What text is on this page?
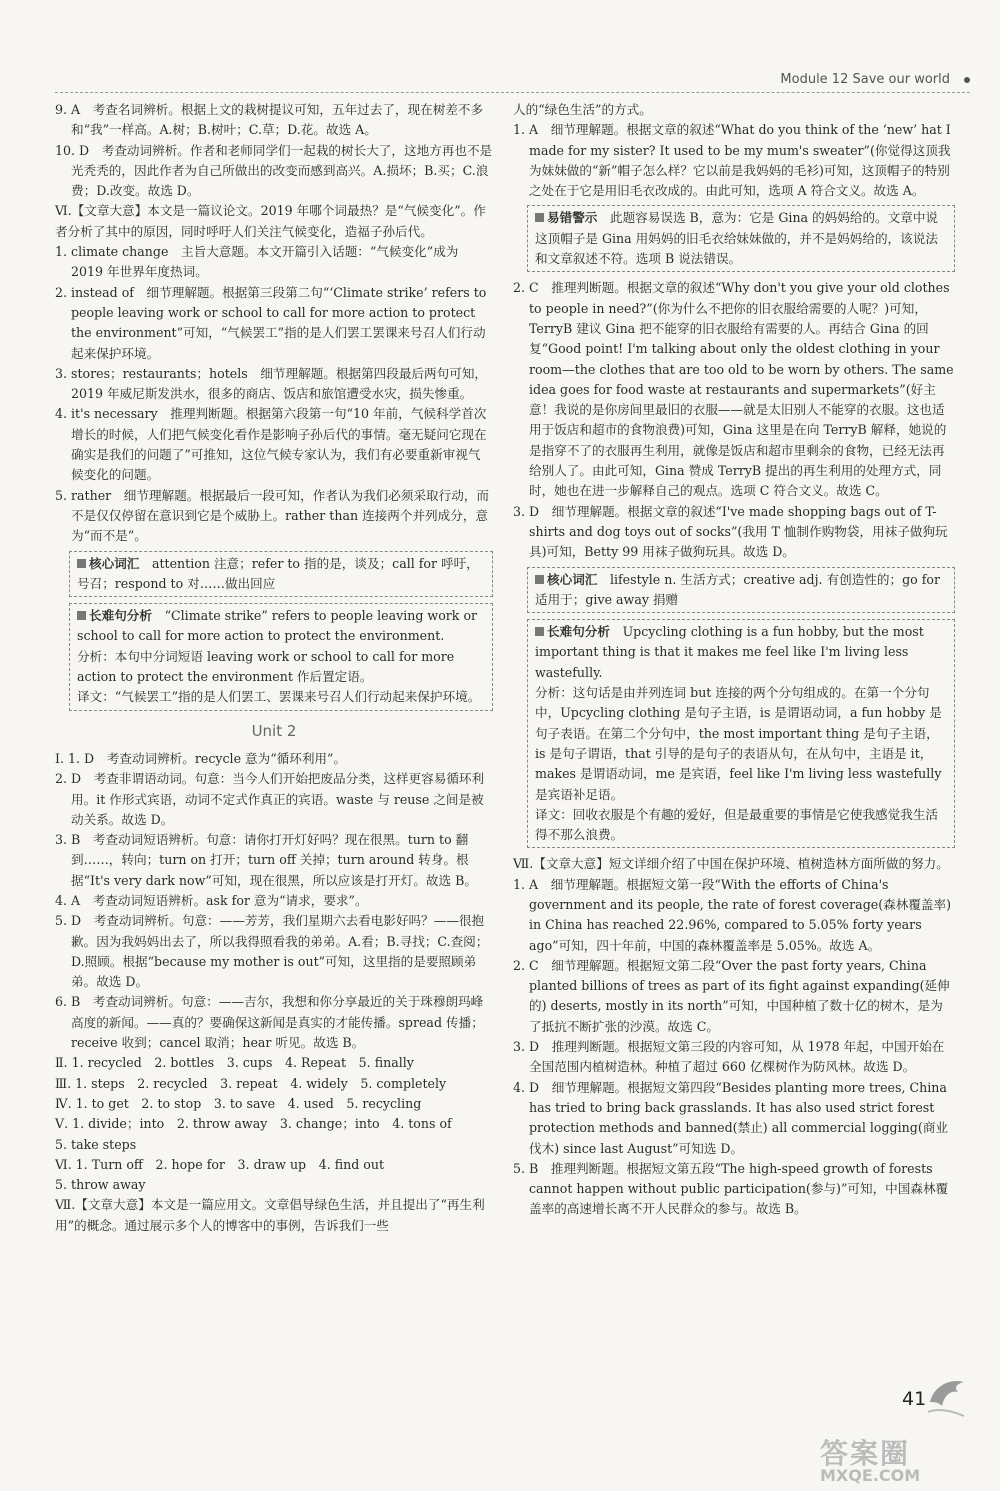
Module 12 Save our world

9. A　考查名词辨析。根据上文的栽树提议可知，五年过去了，现在树差不多和“我”一样高。A.树；B.树叶；C.草；D.花。故选 A。

10. D　考查动词辨析。作者和老师同学们一起栽的树长大了，这地方再也不是光秃秃的，因此作者为自己所做出的改变而感到高兴。A.损坏；B.买；C.浪费；D.改变。故选 D。

Ⅵ.【文章大意】本文是一篇议论文。2019 年哪个词最热？是“气候变化”。作者分析了其中的原因，同时呼吁人们关注气候变化，造福子孙后代。

1. climate change　主旨大意题。本文开篇引入话题：“气候变化”成为 2019 年世界年度热词。

2. instead of　细节理解题。根据第三段第二句“‘Climate strike’ refers to people leaving work or school to call for more action to protect the environment”可知，“气候罢工”指的是人们罢工罢课来号召人们行动起来保护环境。

3. stores；restaurants；hotels　细节理解题。根据第四段最后两句可知，2019 年威尼斯发洪水，很多的商店、饭店和旅馆遭受水灾，损失惨重。

4. it's necessary　推理判断题。根据第六段第一句“10 年前，气候科学首次增长的时候，人们把气候变化看作是影响子孙后代的事情。毫无疑问它现在确实是我们的问题了”可推知，这位气候专家认为，我们有必要重新审视气候变化的问题。

5. rather　细节理解题。根据最后一段可知，作者认为我们必须采取行动，而不是仅仅停留在意识到它是个威胁上。rather than 连接两个并列成分，意为“而不是”。

核心词汇　 attention 注意；refer to 指的是，谈及；call for 呼吁，号召；respond to 对……做出回应

长难句分析　 “Climate strike” refers to people leaving work or school to call for more action to protect the environment.

分析：本句中分词短语 leaving work or school to call for more action to protect the environment 作后置定语。

译文：“气候罢工”指的是人们罢工、罢课来号召人们行动起来保护环境。

Unit 2

Ⅰ. 1. D　考查动词辨析。recycle 意为“循环利用”。

2. D　考查非谓语动词。句意：当今人们开始把废品分类，这样更容易循环利用。it 作形式宾语，动词不定式作真正的宾语。waste 与 reuse 之间是被动关系。故选 D。

3. B　考查动词短语辨析。句意：请你打开灯好吗？现在很黑。turn to 翻到……，转向；turn on 打开；turn off 关掉；turn around 转身。根据“It's very dark now”可知，现在很黑，所以应该是打开灯。故选 B。

4. A　考查动词短语辨析。ask for 意为“请求，要求”。

5. D　考查动词辨析。句意：——芳芳，我们星期六去看电影好吗？——很抱歉。因为我妈妈出去了，所以我得照看我的弟弟。A.看；B.寻找；C.查阅；D.照顾。根据“because my mother is out”可知，这里指的是要照顾弟弟。故选 D。

6. B　考查动词辨析。句意：——吉尔，我想和你分享最近的关于珠穆朗玛峰高度的新闻。——真的？要确保这新闻是真实的才能传播。spread 传播；receive 收到；cancel 取消；hear 听见。故选 B。

Ⅱ. 1. recycled　2. bottles　3. cups　4. Repeat　5. finally

Ⅲ. 1. steps　2. recycled　3. repeat　4. widely　5. completely

Ⅳ. 1. to get　2. to stop　3. to save　4. used　5. recycling

Ⅴ. 1. divide；into　2. throw away　3. change；into　4. tons of

5. take steps

Ⅵ. 1. Turn off　2. hope for　3. draw up　4. find out

5. throw away

Ⅶ.【文章大意】本文是一篇应用文。文章倡导绿色生活，并且提出了“再生利用”的概念。通过展示多个人的博客中的事例，告诉我们一些

人的“绿色生活”的方式。

1. A　细节理解题。根据文章的叙述“What do you think of the ‘new’ hat I made for my sister? It used to be my mum's sweater”(你觉得这顶我为妹妹做的“新”帽子怎么样？它以前是我妈妈的毛衫)可知，这顶帽子的特别之处在于它是用旧毛衣改成的。由此可知，选项 A 符合文义。故选 A。

易错警示　 此题容易误选 B，意为：它是 Gina 的妈妈给的。文章中说这顶帽子是 Gina 用妈妈的旧毛衣给妹妹做的，并不是妈妈给的，该说法和文章叙述不符。选项 B 说法错误。

2. C　推理判断题。根据文章的叙述“Why don't you give your old clothes to people in need?”(你为什么不把你的旧衣服给需要的人呢？)可知，TerryB 建议 Gina 把不能穿的旧衣服给有需要的人。再结合 Gina 的回复“Good point! I'm talking about only the oldest clothing in your room—the clothes that are too old to be worn by others. The same idea goes for food waste at restaurants and supermarkets”(好主意！我说的是你房间里最旧的衣服——就是太旧别人不能穿的衣服。这也适用于饭店和超市的食物浪费)可知，Gina 这里是在向 TerryB 解释，她说的是指穿不了的衣服再生利用，就像是饭店和超市里剩余的食物，已经无法再给别人了。由此可知，Gina 赞成 TerryB 提出的再生利用的处理方式，同时，她也在进一步解释自己的观点。选项 C 符合文义。故选 C。

3. D　细节理解题。根据文章的叙述“I've made shopping bags out of T-shirts and dog toys out of socks”(我用 T 恤制作购物袋，用袜子做狗玩具)可知，Betty 99 用袜子做狗玩具。故选 D。

核心词汇　 lifestyle n. 生活方式；creative adj. 有创造性的；go for 适用于；give away 捐赠

长难句分析　 Upcycling clothing is a fun hobby, but the most important thing is that it makes me feel like I'm living less wastefully.

分析：这句话是由并列连词 but 连接的两个分句组成的。在第一个分句中，Upcycling clothing 是句子主语，is 是谓语动词，a fun hobby 是句子表语。在第二个分句中，the most important thing 是句子主语，is 是句子谓语，that 引导的是句子的表语从句，在从句中，主语是 it，makes 是谓语动词，me 是宾语，feel like I'm living less wastefully 是宾语补足语。

译文：回收衣服是个有趣的爱好，但是最重要的事情是它使我感觉我生活得不那么浪费。

Ⅶ.【文章大意】短文详细介绍了中国在保护环境、植树造林方面所做的努力。

1. A　细节理解题。根据短文第一段“With the efforts of China's government and its people, the rate of forest coverage(森林覆盖率) in China has reached 22.96%, compared to 5.05% forty years ago”可知，四十年前，中国的森林覆盖率是 5.05%。故选 A。

2. C　细节理解题。根据短文第二段“Over the past forty years, China planted billions of trees as part of its fight against expanding(延伸的) deserts, mostly in its north”可知，中国种植了数十亿的树木，是为了抵抗不断扩张的沙漠。故选 C。

3. D　推理判断题。根据短文第三段的内容可知，从 1978 年起，中国开始在全国范围内植树造林。种植了超过 660 亿棵树作为防风林。故选 D。

4. D　细节理解题。根据短文第四段“Besides planting more trees, China has tried to bring back grasslands. It has also used strict forest protection methods and banned(禁止) all commercial logging(商业伐木) since last August”可知选 D。

5. B　推理判断题。根据短文第五段“The high-speed growth of forests cannot happen without public participation(参与)”可知，中国森林覆盖率的高速增长离不开人民群众的参与。故选 B。

41
答案圈
MXQE.COM
